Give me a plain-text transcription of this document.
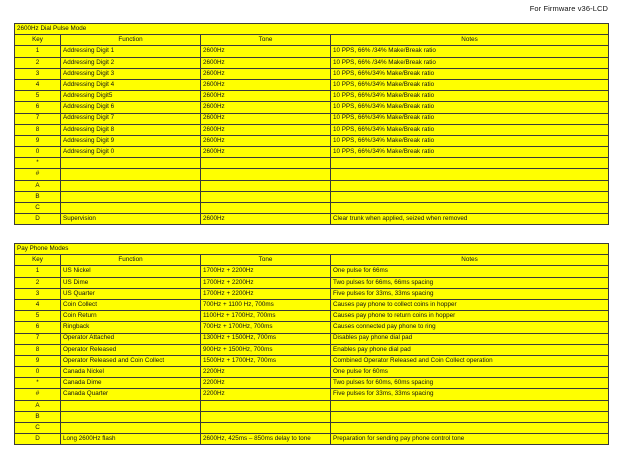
For Firmware v36-LCD
2600Hz Dial Pulse Mode			
Key	Function	Tone	Notes
1	Addressing Digit 1	2600Hz	10 PPS, 66% /34% Make/Break ratio
2	Addressing Digit 2	2600Hz	10 PPS, 66% /34% Make/Break ratio
3	Addressing Digit 3	2600Hz	10 PPS, 66%/34% Make/Break ratio
4	Addressing Digit 4	2600Hz	10 PPS, 66%/34% Make/Break ratio
5	Addressing Digit5	2600Hz	10 PPS, 66%/34% Make/Break ratio
6	Addressing Digit 6	2600Hz	10 PPS, 66%/34% Make/Break ratio
7	Addressing Digit 7	2600Hz	10 PPS, 66%/34% Make/Break ratio
8	Addressing Digit 8	2600Hz	10 PPS, 66%/34% Make/Break ratio
9	Addressing Digit 9	2600Hz	10 PPS, 66%/34% Make/Break ratio
0	Addressing Digit 0	2600Hz	10 PPS, 66%/34% Make/Break ratio
*			
#			
A			
B			
C			
D	Supervision	2600Hz	Clear trunk when applied, seized when removed
Pay Phone Modes			
Key	Function	Tone	Notes
1	US Nickel	1700Hz + 2200Hz	One pulse for 66ms
2	US Dime	1700Hz + 2200Hz	Two pulses for 66ms, 66ms spacing
3	US Quarter	1700Hz + 2200Hz	Five pulses for 33ms, 33ms spacing
4	Coin Collect	700Hz + 1100 Hz, 700ms	Causes pay phone to collect coins in hopper
5	Coin Return	1100Hz + 1700Hz, 700ms	Causes pay phone to return coins in hopper
6	Ringback	700Hz + 1700Hz, 700ms	Causes connected pay phone to ring
7	Operator Attached	1300Hz + 1500Hz, 700ms	Disables pay phone dial pad
8	Operator Released	900Hz + 1500Hz, 700ms	Enables pay phone dial pad
9	Operator Released and Coin Collect	1500Hz + 1700Hz, 700ms	Combined Operator Released and Coin Collect operation
0	Canada Nickel	2200Hz	One pulse for 60ms
*	Canada Dime	2200Hz	Two pulses for 60ms, 60ms spacing
#	Canada Quarter	2200Hz	Five pulses for 33ms, 33ms spacing
A			
B			
C			
D	Long 2600Hz flash	2600Hz, 425ms – 850ms delay to tone	Preparation for sending pay phone control tone
